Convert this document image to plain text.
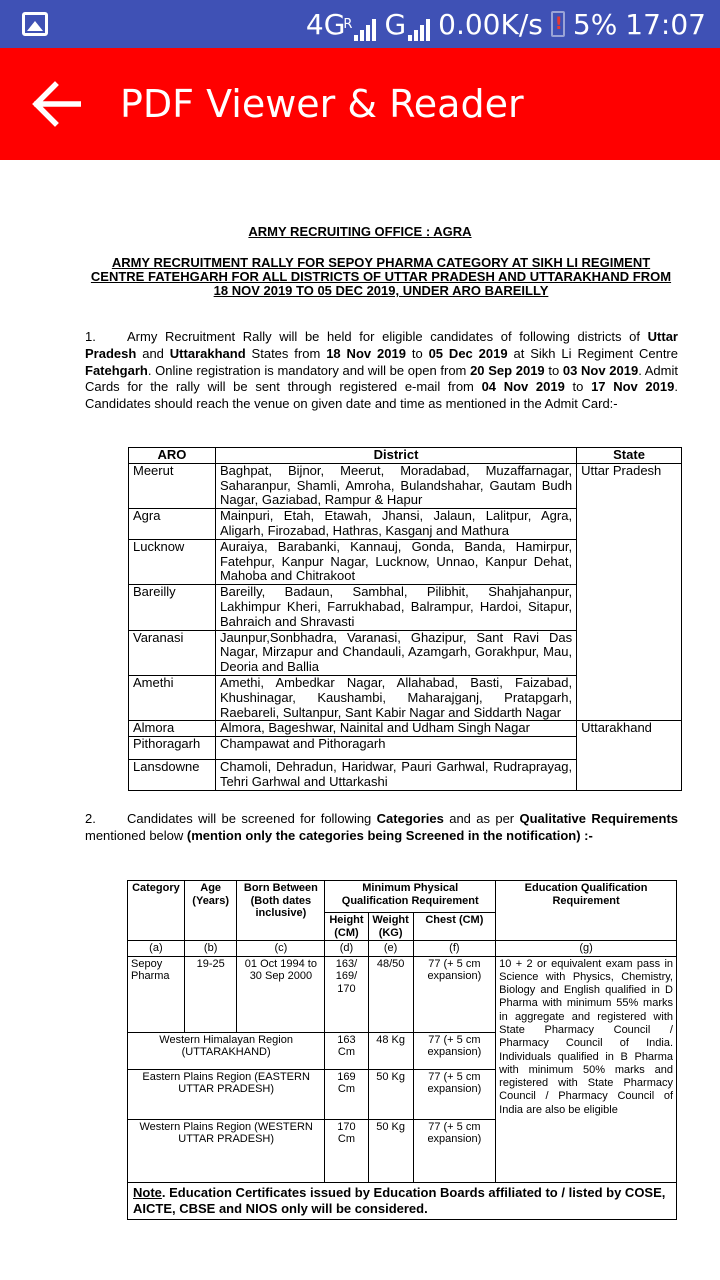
4G
R G 0.00K/s ! 5% 17:07
PDF Viewer & Reader
ARMY RECRUITING OFFICE : AGRA
ARMY RECRUITMENT RALLY FOR SEPOY PHARMA CATEGORY AT SIKH LI REGIMENT CENTRE FATEHGARH FOR ALL DISTRICTS OF UTTAR PRADESH AND UTTARAKHAND FROM 18 NOV 2019 TO 05 DEC 2019, UNDER ARO BAREILLY
1. Army Recruitment Rally will be held for eligible candidates of following districts of Uttar Pradesh and Uttarakhand States from 18 Nov 2019 to 05 Dec 2019 at Sikh Li Regiment Centre Fatehgarh. Online registration is mandatory and will be open from 20 Sep 2019 to 03 Nov 2019. Admit Cards for the rally will be sent through registered e-mail from 04 Nov 2019 to 17 Nov 2019. Candidates should reach the venue on given date and time as mentioned in the Admit Card:-
ARO	District	State
Meerut	Baghpat, Bijnor, Meerut, Moradabad, Muzaffarnagar, Saharanpur, Shamli, Amroha, Bulandshahar, Gautam Budh Nagar, Gaziabad, Rampur & Hapur	Uttar Pradesh
Agra	Mainpuri, Etah, Etawah, Jhansi, Jalaun, Lalitpur, Agra, Aligarh, Firozabad, Hathras, Kasganj and Mathura	
Lucknow	Auraiya, Barabanki, Kannauj, Gonda, Banda, Hamirpur, Fatehpur, Kanpur Nagar, Lucknow, Unnao, Kanpur Dehat, Mahoba and Chitrakoot	
Bareilly	Bareilly, Badaun, Sambhal, Pilibhit, Shahjahanpur, Lakhimpur Kheri, Farrukhabad, Balrampur, Hardoi, Sitapur, Bahraich and Shravasti	
Varanasi	Jaunpur,Sonbhadra, Varanasi, Ghazipur, Sant Ravi Das Nagar, Mirzapur and Chandauli, Azamgarh, Gorakhpur, Mau, Deoria and Ballia	
Amethi	Amethi, Ambedkar Nagar, Allahabad, Basti, Faizabad, Khushinagar, Kaushambi, Maharajganj, Pratapgarh, Raebareli, Sultanpur, Sant Kabir Nagar and Siddarth Nagar	
Almora	Almora, Bageshwar, Nainital and Udham Singh Nagar	Uttarakhand
Pithoragarh	Champawat and Pithoragarh	
Lansdowne	Chamoli, Dehradun, Haridwar, Pauri Garhwal, Rudraprayag, Tehri Garhwal and Uttarkashi	
2. Candidates will be screened for following Categories and as per Qualitative Requirements mentioned below (mention only the categories being Screened in the notification) :-
Category	Age (Years)	Born Between (Both dates inclusive)	Minimum Physical Qualification Requirement			Education Qualification Requirement
			Height (CM)	Weight (KG)	Chest (CM)	
(a)	(b)	(c)	(d)	(e)	(f)	(g)
Sepoy Pharma	19-25	01 Oct 1994 to 30 Sep 2000	163/ 169/ 170	48/50	77 (+ 5 cm expansion)	10 + 2 or equivalent exam pass in Science with Physics, Chemistry, Biology and English qualified in D Pharma with minimum 55% marks in aggregate and registered with State Pharmacy Council / Pharmacy Council of India. Individuals qualified in B Pharma with minimum 50% marks and registered with State Pharmacy Council / Pharmacy Council of India are also be eligible
Western Himalayan Region (UTTARAKHAND)			163 Cm	48 Kg	77 (+ 5 cm expansion)	
Eastern Plains Region (EASTERN UTTAR PRADESH)			169 Cm	50 Kg	77 (+ 5 cm expansion)	
Western Plains Region (WESTERN UTTAR PRADESH)			170 Cm	50 Kg	77 (+ 5 cm expansion)	
Note. Education Certificates issued by Education Boards affiliated to / listed by COSE, AICTE, CBSE and NIOS only will be considered.						
